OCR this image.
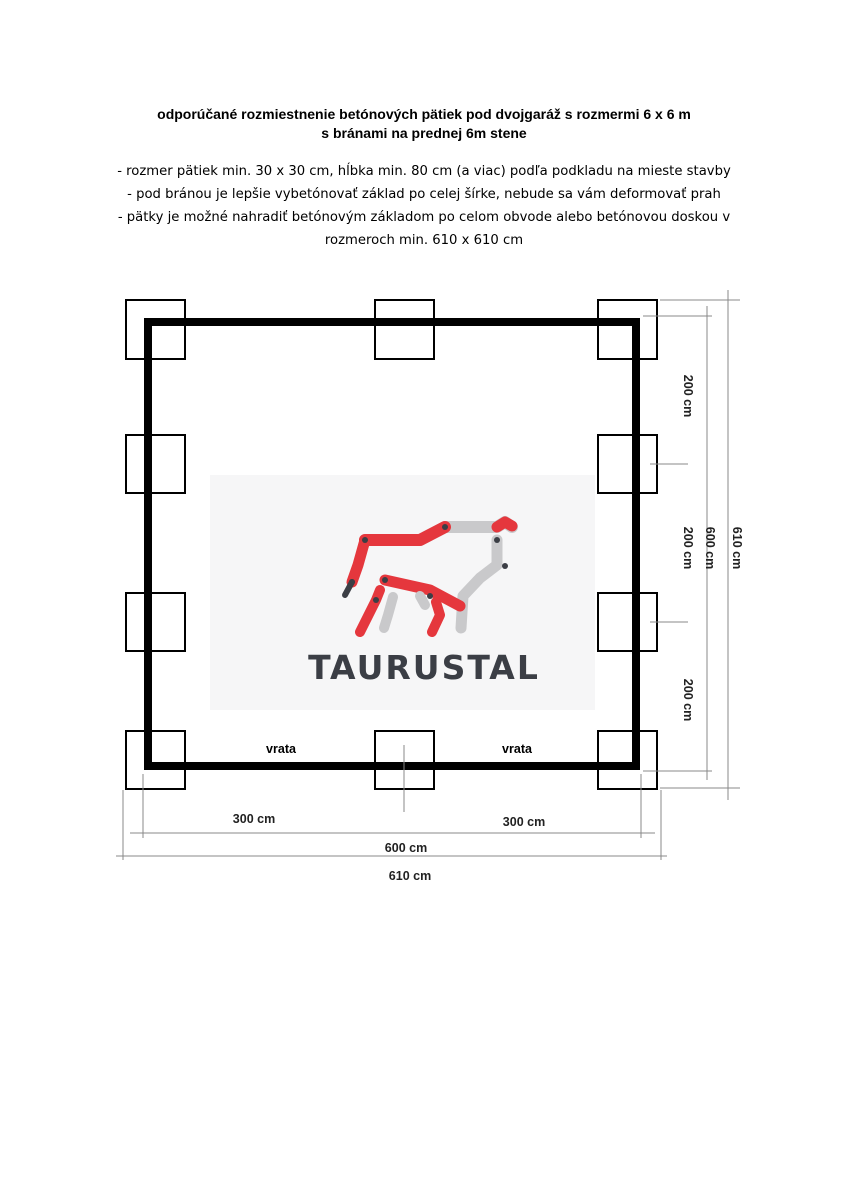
odporúčané rozmiestnenie betónových pätiek pod dvojgaráž s rozmermi 6 x 6 m
s bránami na prednej 6m stene
- rozmer pätiek min. 30 x 30 cm, hĺbka min. 80 cm (a viac) podľa podkladu na mieste stavby
- pod bránou je lepšie vybetónovať základ po celej šírke, nebude sa vám deformovať prah
- pätky je možné nahradiť betónovým základom po celom obvode alebo betónovou doskou v
rozmeroch min. 610 x 610 cm
TAURUSTAL
vrata	vrata
300 cm	300 cm
600 cm
610 cm
200 cm
200 cm
200 cm
600 cm 610 cm
